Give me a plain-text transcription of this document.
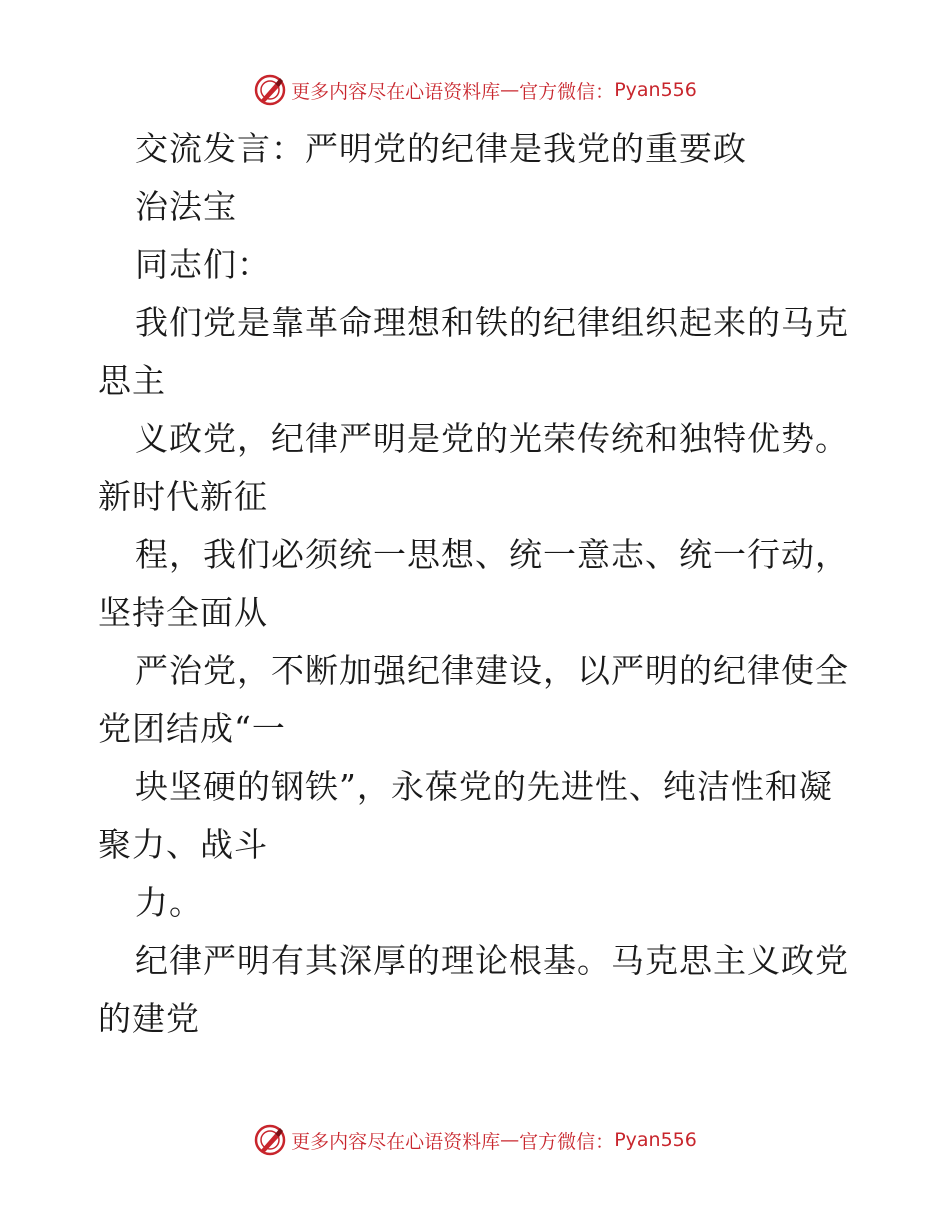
更多内容尽在心语资料库 — 官方微信： Pyan556
交流发言：严明党的纪律是我党的重要政
治法宝
同志们：
我们党是靠革命理想和铁的纪律组织起来的马克
思主
义政党，纪律严明是党的光荣传统和独特优势。
新时代新征
程，我们必须统一思想、统一意志、统一行动，
坚持全面从
严治党，不断加强纪律建设，以严明的纪律使全
党团结成“一
块坚硬的钢铁”，永葆党的先进性、纯洁性和凝
聚力、战斗
力。
纪律严明有其深厚的理论根基。马克思主义政党
的建党
更多内容尽在心语资料库 — 官方微信： Pyan556
